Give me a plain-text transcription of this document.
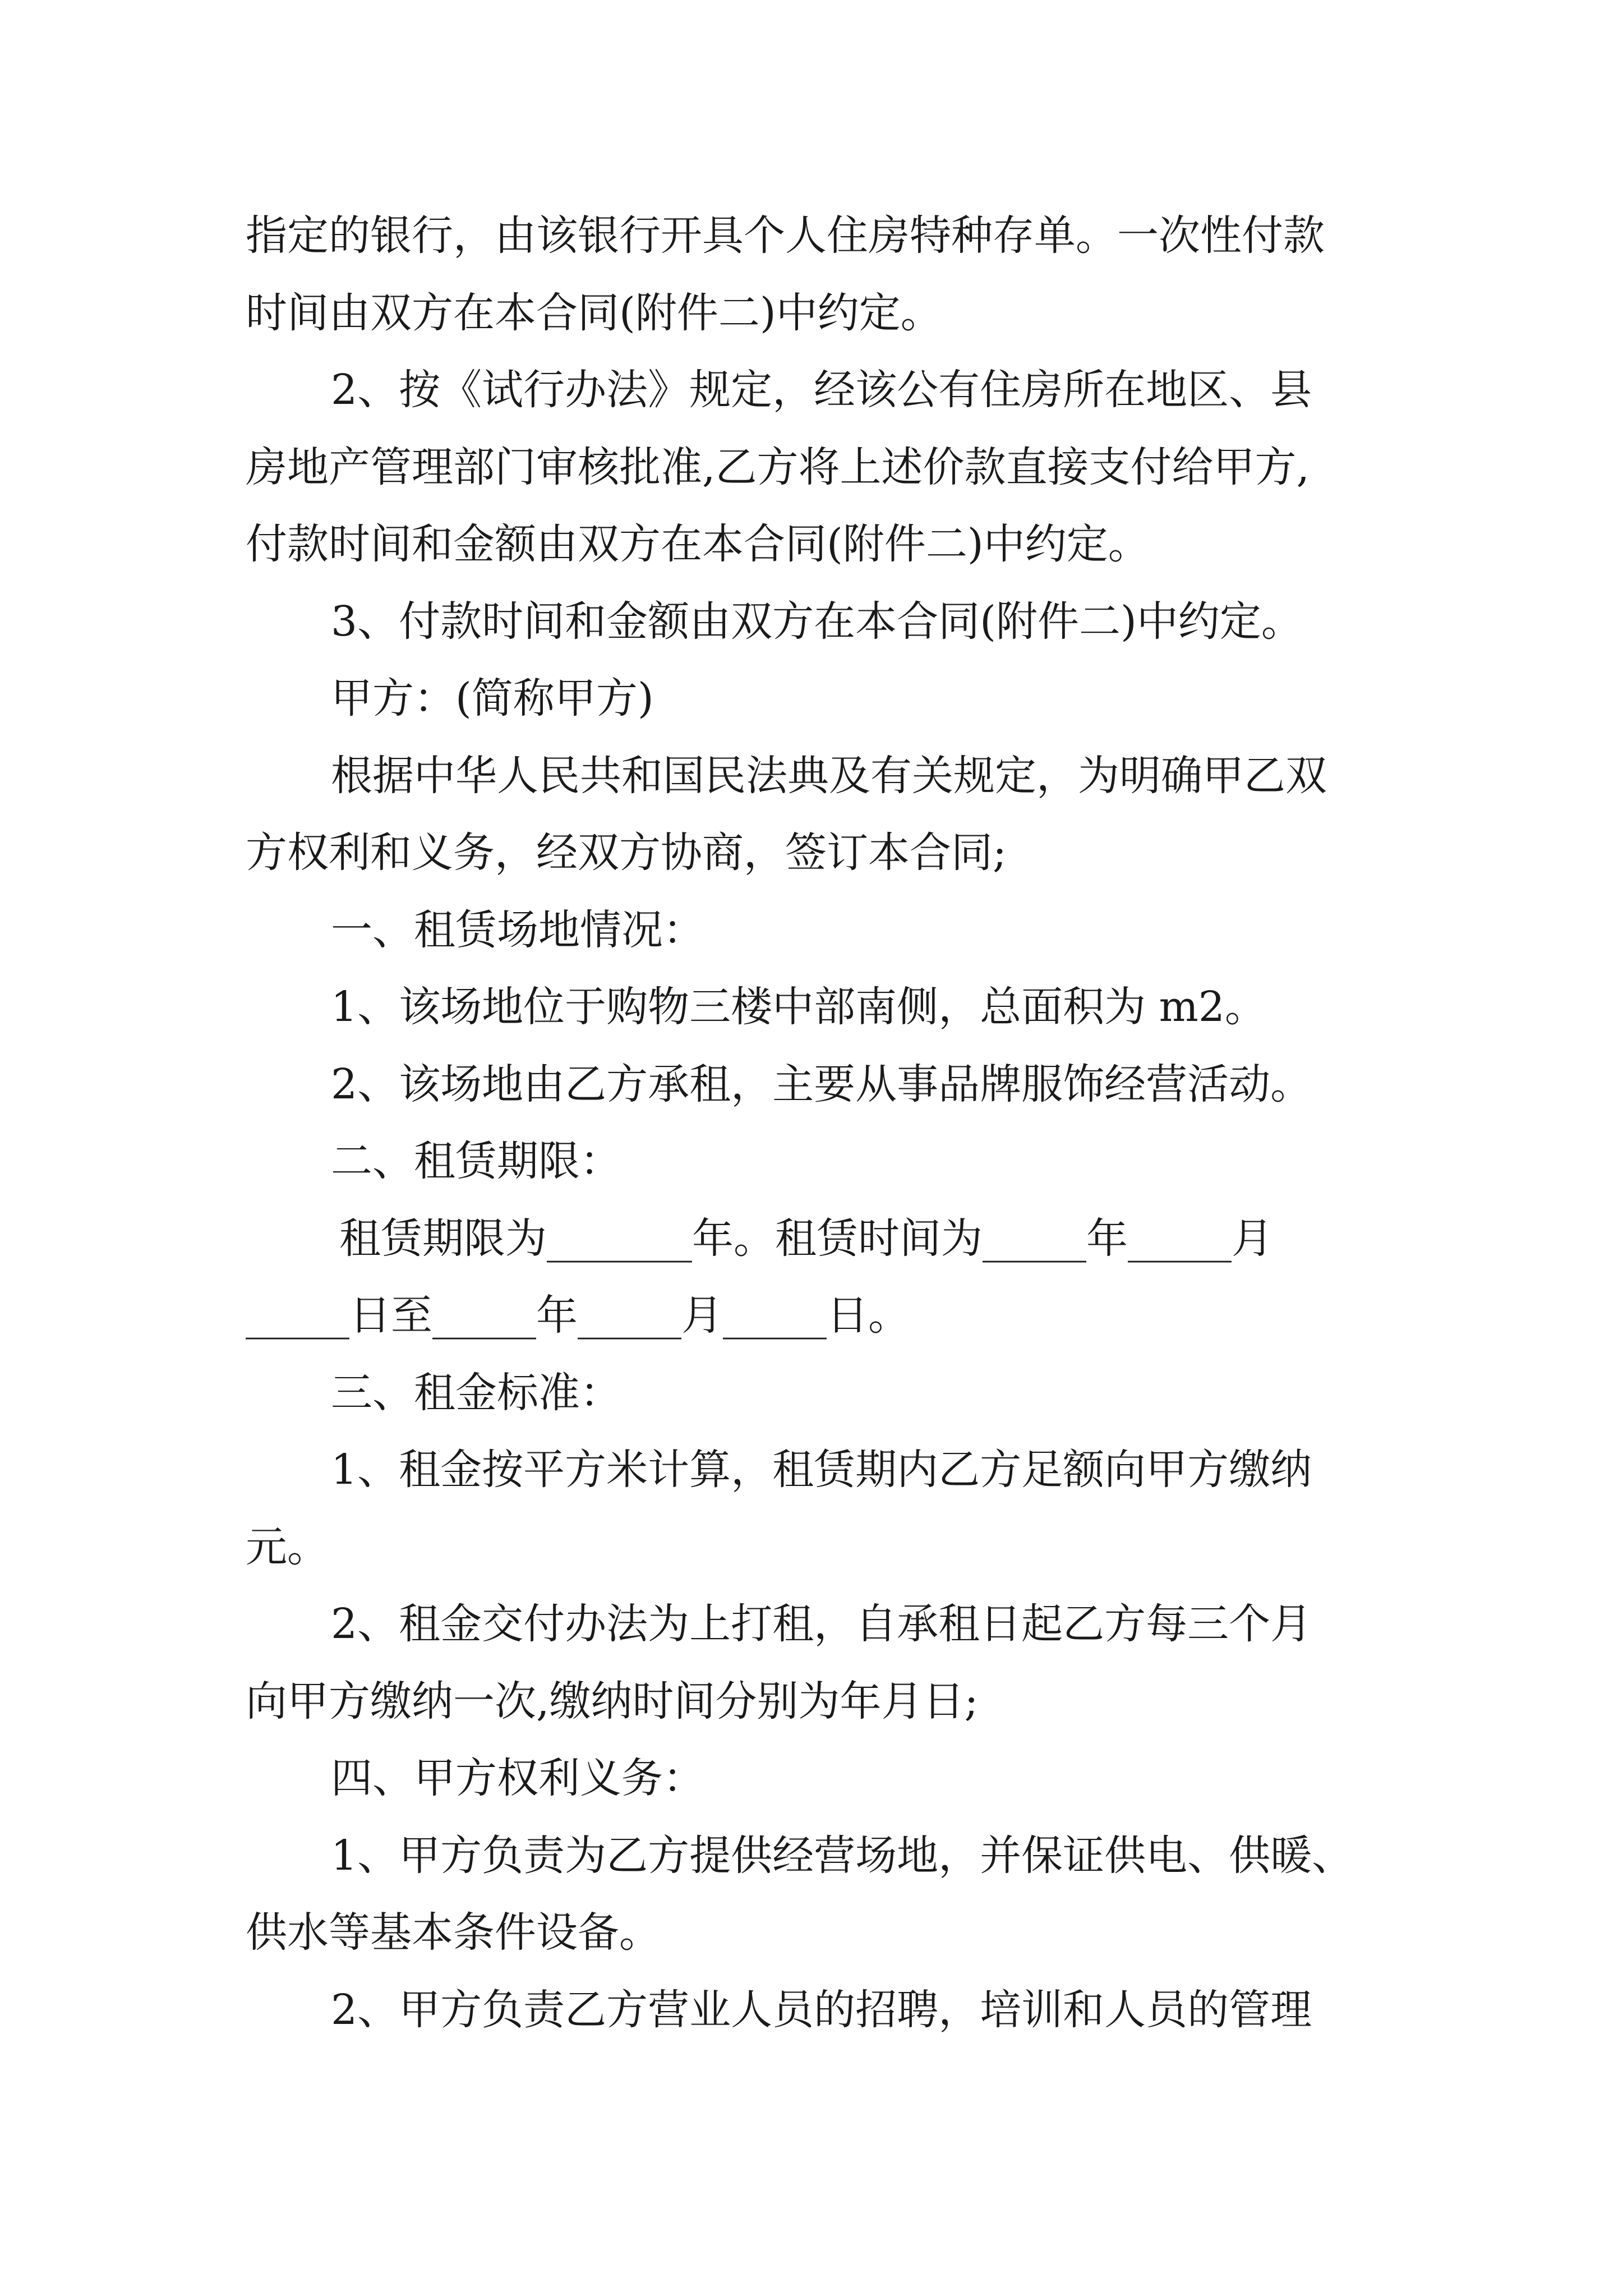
指定的银行，由该银行开具个人住房特种存单。一次性付款
时间由双方在本合同(附件二)中约定。
2、按《试行办法》规定，经该公有住房所在地区、县
房地产管理部门审核批准,乙方将上述价款直接支付给甲方,
付款时间和金额由双方在本合同(附件二)中约定。
3、付款时间和金额由双方在本合同(附件二)中约定。
甲方：(简称甲方)
根据中华人民共和国民法典及有关规定，为明确甲乙双
方权利和义务，经双方协商，签订本合同;
一、租赁场地情况：
1、该场地位于购物三楼中部南侧，总面积为 m2。
2、该场地由乙方承租，主要从事品牌服饰经营活动。
二、租赁期限：
租赁期限为_______年。租赁时间为_____年_____月
_____日至_____年_____月_____日。
三、租金标准：
1、租金按平方米计算，租赁期内乙方足额向甲方缴纳
元。
2、租金交付办法为上打租，自承租日起乙方每三个月
向甲方缴纳一次,缴纳时间分别为年月日;
四、甲方权利义务：
1、甲方负责为乙方提供经营场地，并保证供电、供暖、
供水等基本条件设备。
2、甲方负责乙方营业人员的招聘，培训和人员的管理
